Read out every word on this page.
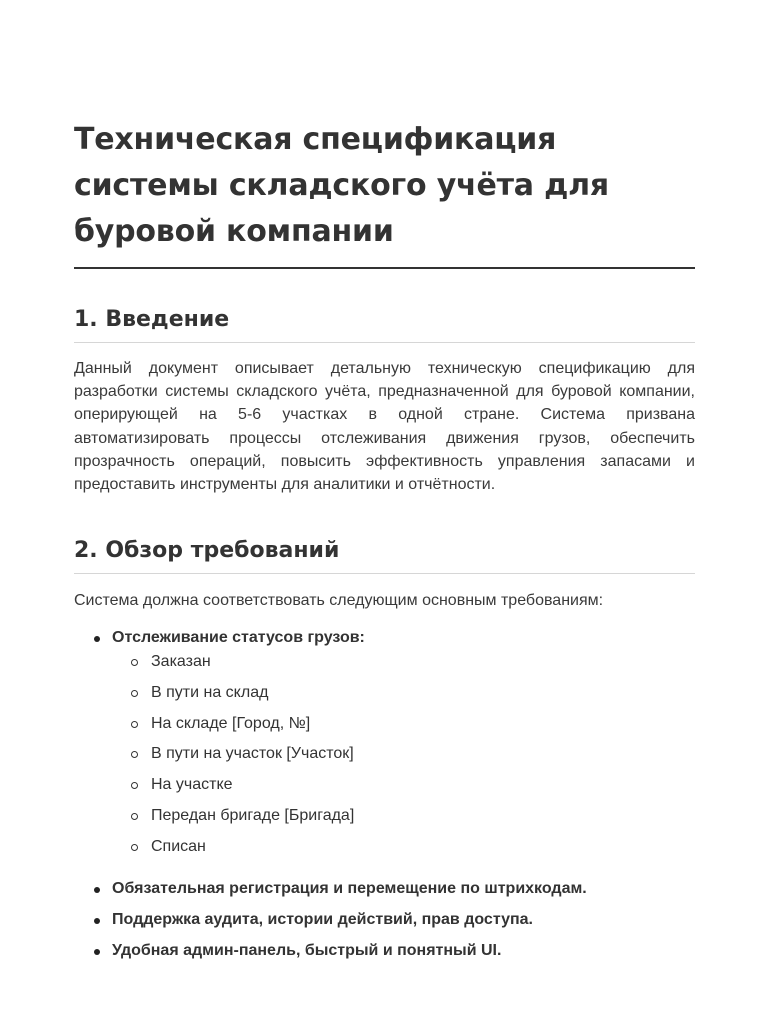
Техническая спецификация системы складского учёта для буровой компании
1. Введение

Данный документ описывает детальную техническую спецификацию для разработки системы складского учёта, предназначенной для буровой компании, оперирующей на 5-6 участках в одной стране. Система призвана автоматизировать процессы отслеживания движения грузов, обеспечить прозрачность операций, повысить эффективность управления запасами и предоставить инструменты для аналитики и отчётности.

2. Обзор требований

Система должна соответствовать следующим основным требованиям:

Отслеживание статусов грузов:
Заказан
В пути на склад
На складе [Город, №]
В пути на участок [Участок]
На участке
Передан бригаде [Бригада]
Списан
Обязательная регистрация и перемещение по штрихкодам.
Поддержка аудита, истории действий, прав доступа.
Удобная админ-панель, быстрый и понятный UI.
